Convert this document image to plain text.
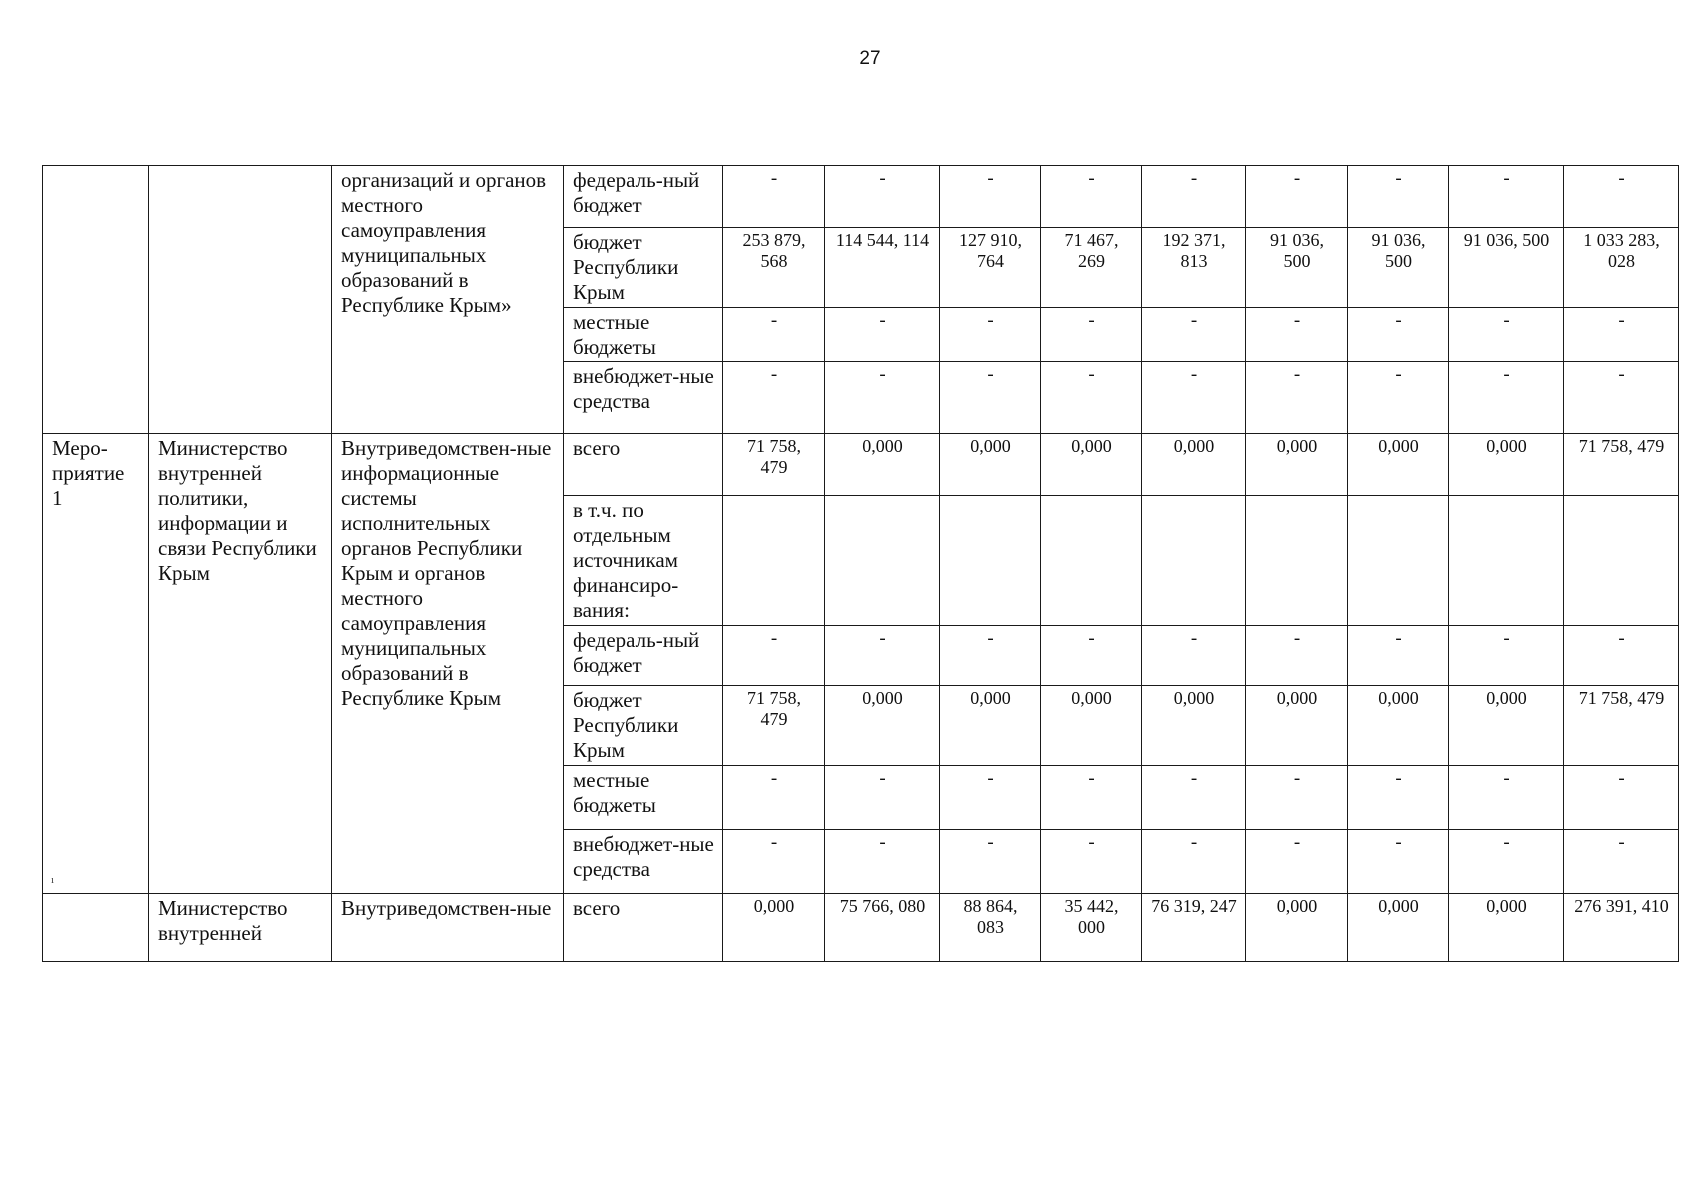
27
		организаций и органов местного самоуправления муниципальных образований в Республике Крым»	федераль-ный бюджет	-	-	-	-	-	-	-	-	-
			бюджет Республики Крым	253 879, 568	114 544, 114	127 910, 764	71 467, 269	192 371, 813	91 036, 500	91 036, 500	91 036, 500	1 033 283, 028
			местные бюджеты	-	-	-	-	-	-	-	-	-
			внебюджет-ные средства	-	-	-	-	-	-	-	-	-
Меро-приятие 1	Министерство внутренней политики, информации и связи Республики Крым	Внутриведомствен-ные информационные системы исполнительных органов Республики Крым и органов местного самоуправления муниципальных образований в Республике Крым	всего	71 758, 479	0,000	0,000	0,000	0,000	0,000	0,000	0,000	71 758, 479
			в т.ч. по отдельным источникам финансиро-вания:									
			федераль-ный бюджет	-	-	-	-	-	-	-	-	-
			бюджет Республики Крым	71 758, 479	0,000	0,000	0,000	0,000	0,000	0,000	0,000	71 758, 479
			местные бюджеты	-	-	-	-	-	-	-	-	-
			внебюджет-ные средства	-	-	-	-	-	-	-	-	-
	Министерство внутренней	Внутриведомствен-ные	всего	0,000	75 766, 080	88 864, 083	35 442, 000	76 319, 247	0,000	0,000	0,000	276 391, 410
ı
